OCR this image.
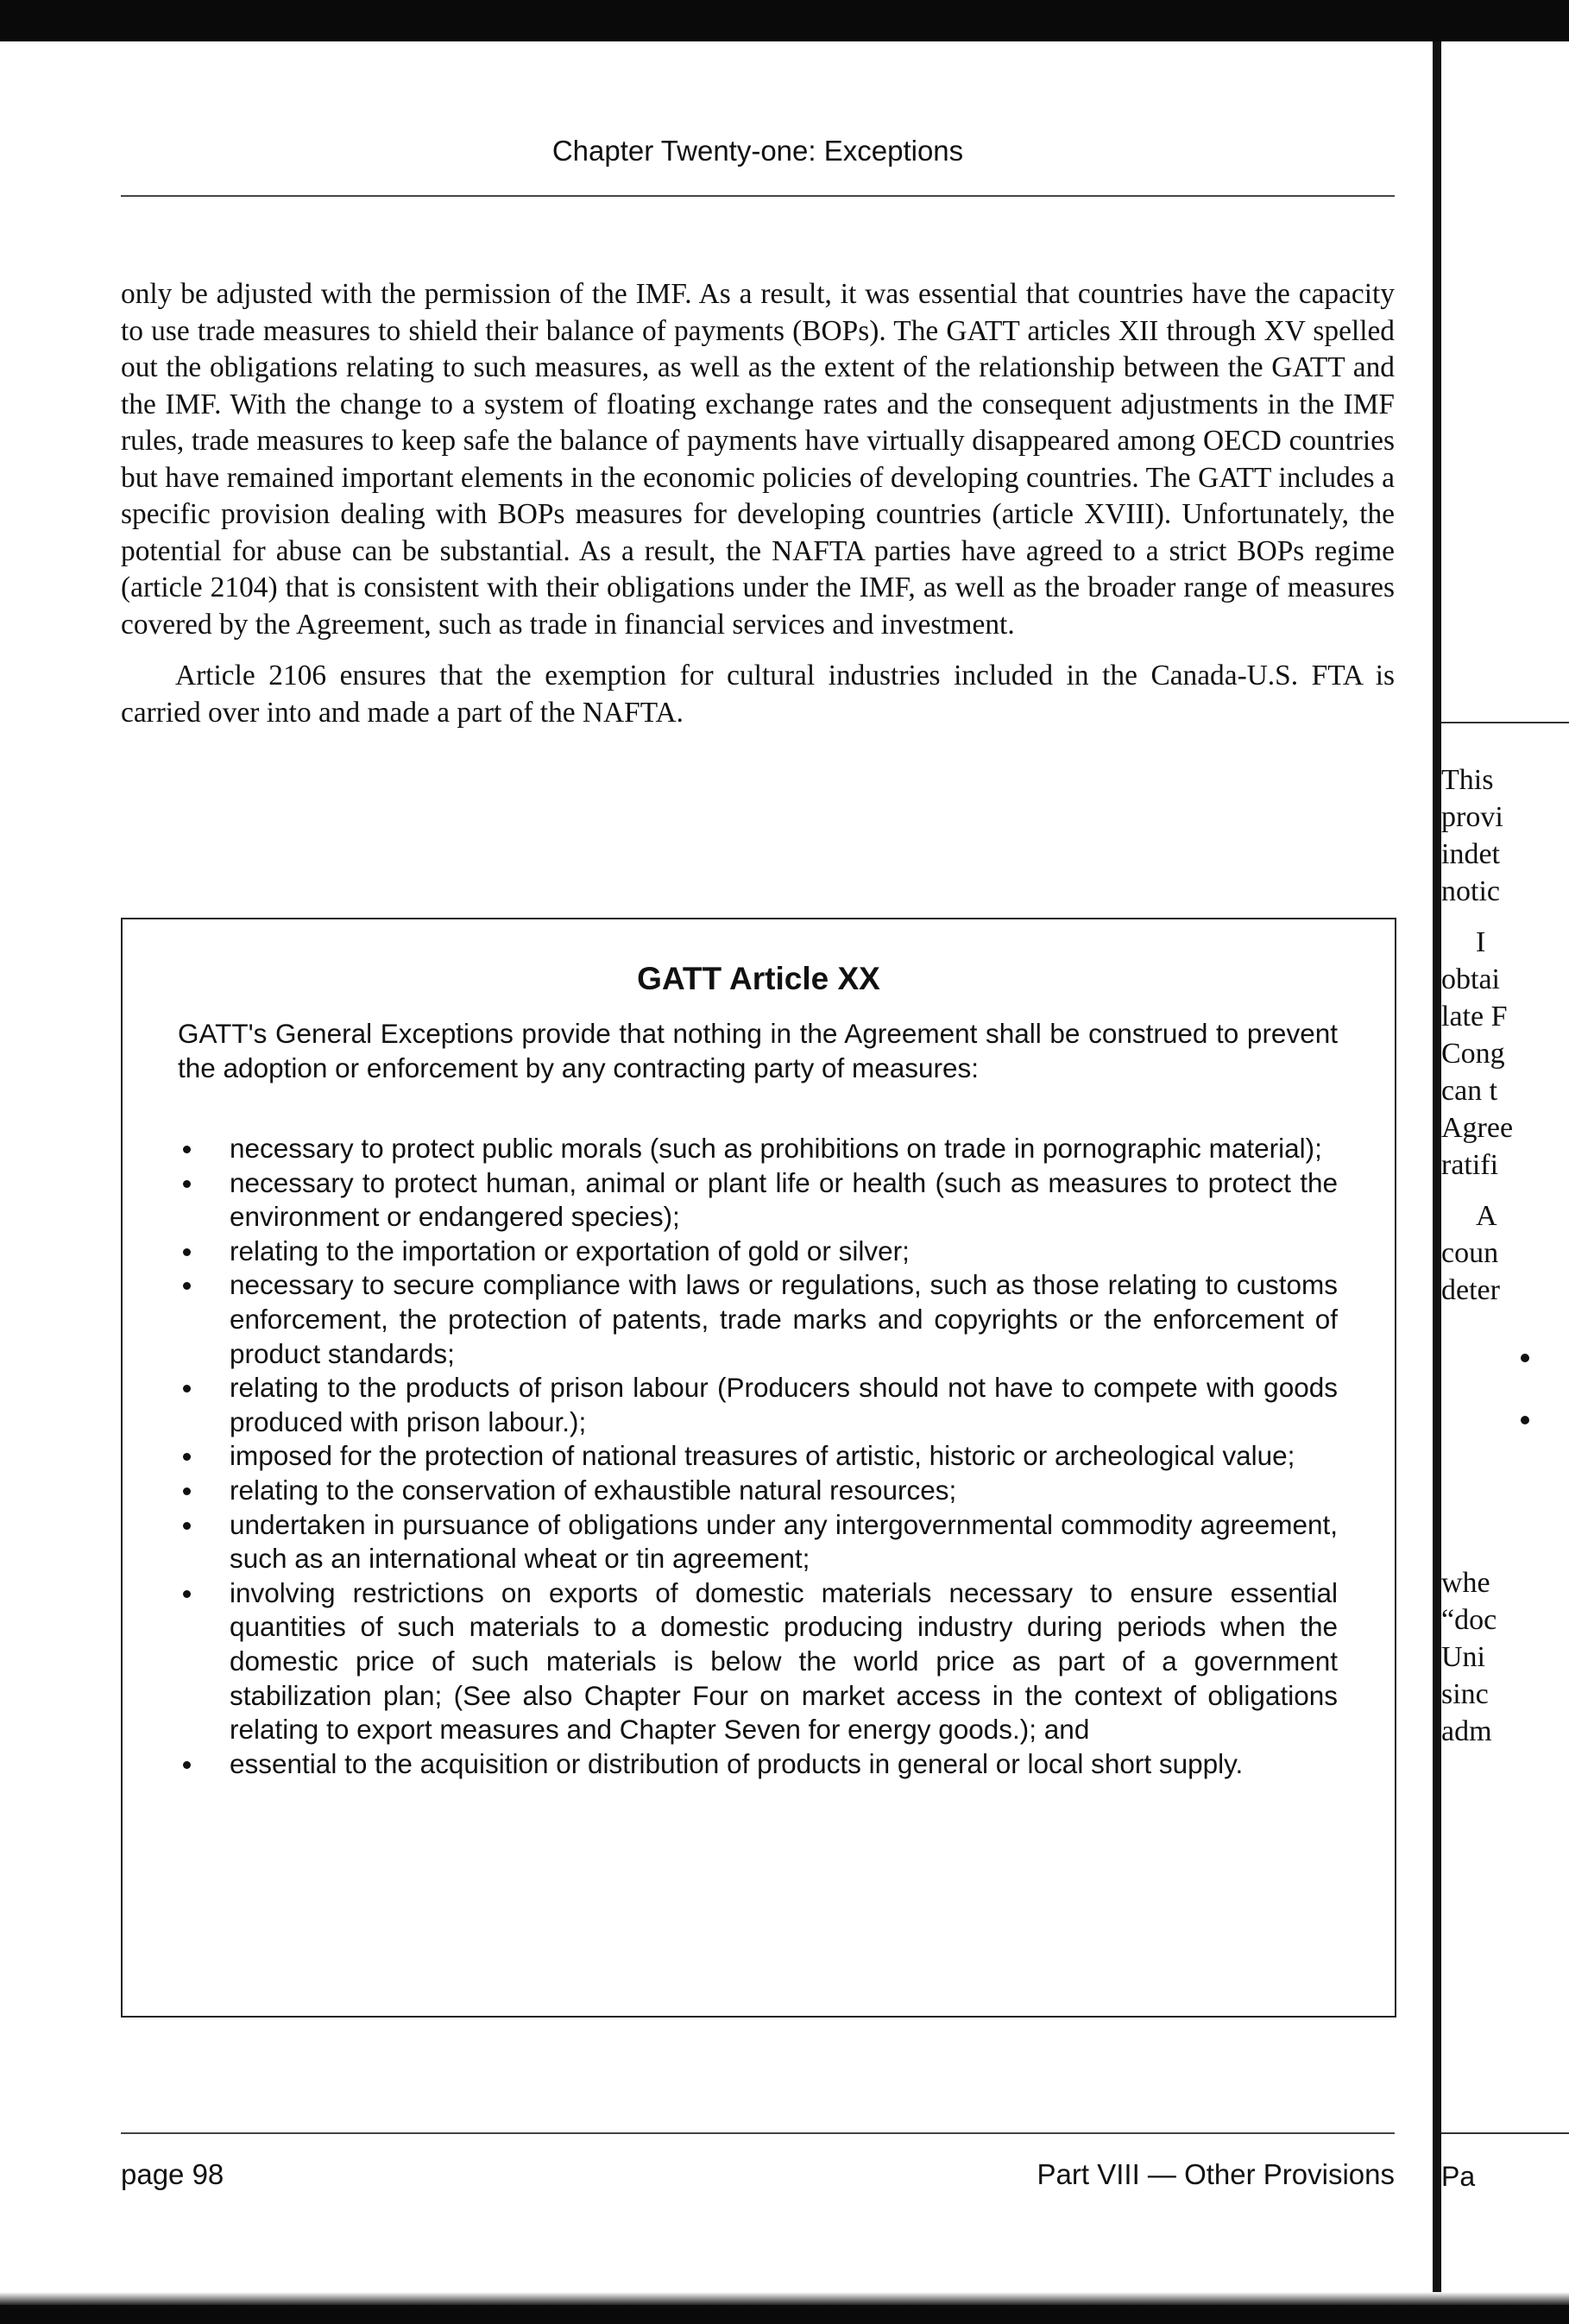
Chapter Twenty-one: Exceptions

only be adjusted with the permission of the IMF. As a result, it was essential that countries have the capacity to use trade measures to shield their balance of payments (BOPs). The GATT articles XII through XV spelled out the obligations relating to such measures, as well as the extent of the relationship between the GATT and the IMF. With the change to a system of floating exchange rates and the consequent adjustments in the IMF rules, trade measures to keep safe the balance of payments have virtually disappeared among OECD countries but have remained important elements in the economic policies of developing countries. The GATT includes a specific provision dealing with BOPs measures for developing countries (article XVIII). Unfortunately, the potential for abuse can be substantial. As a result, the NAFTA parties have agreed to a strict BOPs regime (article 2104) that is consistent with their obligations under the IMF, as well as the broader range of measures covered by the Agreement, such as trade in financial services and investment.

Article 2106 ensures that the exemption for cultural industries included in the Canada-U.S. FTA is carried over into and made a part of the NAFTA.

GATT Article XX
GATT's General Exceptions provide that nothing in the Agreement shall be construed to prevent the adoption or enforcement by any contracting party of measures:
necessary to protect public morals (such as prohibitions on trade in pornographic material);
necessary to protect human, animal or plant life or health (such as measures to protect the environment or endangered species);
relating to the importation or exportation of gold or silver;
necessary to secure compliance with laws or regulations, such as those relating to customs enforcement, the protection of patents, trade marks and copyrights or the enforcement of product standards;
relating to the products of prison labour (Producers should not have to compete with goods produced with prison labour.);
imposed for the protection of national treasures of artistic, historic or archeological value;
relating to the conservation of exhaustible natural resources;
undertaken in pursuance of obligations under any intergovernmental commodity agreement, such as an international wheat or tin agreement;
involving restrictions on exports of domestic materials necessary to ensure essential quantities of such materials to a domestic producing industry during periods when the domestic price of such materials is below the world price as part of a government stabilization plan; (See also Chapter Four on market access in the context of obligations relating to export measures and Chapter Seven for energy goods.); and
essential to the acquisition or distribution of products in general or local short supply.
page 98	Part VIII — Other Provisions
This
provi
indet
notic
I
obtai
late F
Cong
can t
Agree
ratifi
A
coun
deter
whe
“doc
Uni
sinc
adm
Pa
